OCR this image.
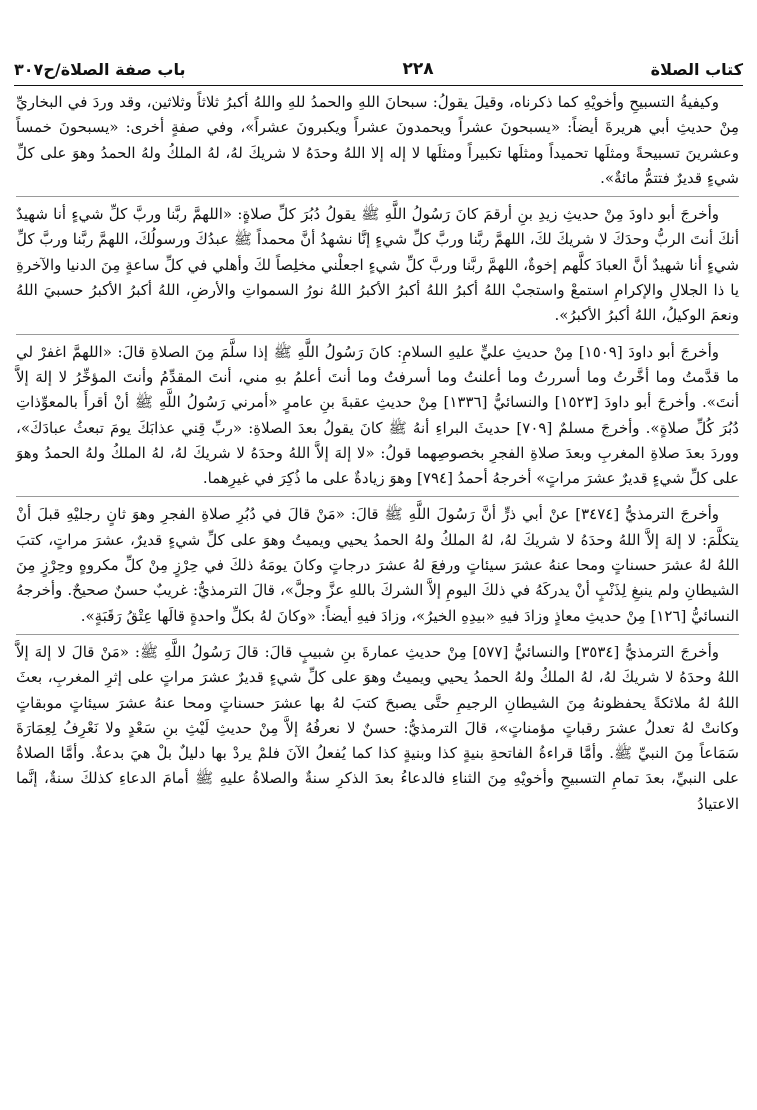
كتاب الصلاة
٢٢٨
باب صفة الصلاة/ح٣٠٧

وكيفيةُ التسبيحِ وأخويْهِ كما ذكرناه، وقيلَ يقولُ: سبحانَ اللهِ والحمدُ للهِ واللهُ أكبرُ ثلاثاً وثلاثين، وقد وردَ في البخاريِّ مِنْ حديثِ أبي هريرةَ أيضاً: «يسبحونَ عشراً ويحمدونَ عشراً ويكبرونَ عشراً»، وفي صفةٍ أخرى: «يسبحونَ خمساً وعشرينَ تسبيحةً ومثلَها تحميداً ومثلَها تكبيراً ومثلَها لا إله إلا اللهُ وحدَهُ لا شريكَ لهُ، لهُ الملكُ ولهُ الحمدُ وهوَ على كلِّ شيءٍ قديرٌ فتتمُّ مائةٌ».

وأخرجَ أبو داودَ مِنْ حديثِ زيدِ بنِ أرقمَ كانَ رَسُولُ اللَّهِ ﷺ يقولُ دُبُرَ كلِّ صلاةٍ: «اللهمَّ ربَّنا وربَّ كلِّ شيءٍ أنا شهيدٌ أنكَ أنتَ الربُّ وحدَكَ لا شريكَ لكَ، اللهمَّ ربَّنا وربَّ كلِّ شيءٍ إنَّا نشهدُ أنَّ محمداً ﷺ عبدُكَ ورسولُكَ، اللهمَّ ربَّنا وربَّ كلِّ شيءٍ أنا شهيدٌ أنَّ العبادَ كلَّهم إخوةٌ، اللهمَّ ربَّنا وربَّ كلِّ شيءٍ اجعلْني مخلِصاً لكَ وأهلي في كلِّ ساعةٍ مِنَ الدنيا والآخرةِ يا ذا الجلالِ والإكرامِ استمعْ واستجبْ اللهُ أكبرُ اللهُ أكبرُ الأكبرُ اللهُ نورُ السمواتِ والأرضِ، اللهُ أكبرُ الأكبرُ حسبيَ اللهُ ونعمَ الوكيلُ، اللهُ أكبرُ الأكبرُ».

وأخرجَ أبو داودَ [١٥٠٩] مِنْ حديثِ عليٍّ عليهِ السلامِ: كانَ رَسُولُ اللَّهِ ﷺ إذا سلَّمَ مِنَ الصلاةِ قالَ: «اللهمَّ اغفرْ لي ما قدَّمتُ وما أخَّرتُ وما أسررتُ وما أعلنتُ وما أسرفتُ وما أنتَ أعلمُ بهِ مني، أنتَ المقدِّمُ وأنتَ المؤخِّرُ لا إلهَ إلاَّ أنتَ». وأخرجَ أبو داودَ [١٥٢٣] والنسائيُّ [١٣٣٦] مِنْ حديثِ عقبةَ بنِ عامرٍ «أمرني رَسُولُ اللَّهِ ﷺ أنْ أقرأَ بالمعوِّذاتِ دُبُرَ كُلِّ صلاةٍ». وأخرجَ مسلمٌ [٧٠٩] حديثَ البراءِ أنهُ ﷺ كانَ يقولُ بعدَ الصلاةِ: «ربِّ قِني عذابَكَ يومَ تبعثُ عبادَكَ»، ووردَ بعدَ صلاةِ المغربِ وبعدَ صلاةِ الفجرِ بخصوصِهما قولُ: «لا إلهَ إلاَّ اللهُ وحدَهُ لا شريكَ لهُ، لهُ الملكُ ولهُ الحمدُ وهوَ على كلِّ شيءٍ قديرٌ عشرَ مراتٍ» أخرجهُ أحمدُ [٧٩٤] وهوَ زيادةٌ على ما ذُكِرَ في غيرِهما.

وأخرجَ الترمذيُّ [٣٤٧٤] عنْ أبي ذرٍّ أنَّ رَسُولَ اللَّهِ ﷺ قالَ: «مَنْ قالَ في دُبُرِ صلاةِ الفجرِ وهوَ ثانٍ رجليْهِ قبلَ أنْ يتكلَّمَ: لا إلهَ إلاَّ اللهُ وحدَهُ لا شريكَ لهُ، لهُ الملكُ ولهُ الحمدُ يحيي ويميتُ وهوَ على كلِّ شيءٍ قديرٌ، عشرَ مراتٍ، كتبَ اللهُ لهُ عشرَ حسناتٍ ومحا عنهُ عشرَ سيئاتٍ ورفعَ لهُ عشرَ درجاتٍ وكانَ يومَهُ ذلكَ في حِرْزٍ مِنْ كلِّ مكروهٍ وحِرْزٍ مِنَ الشيطانِ ولم ينبغِ لِذَنْبٍ أنْ يدركَهُ في ذلكَ اليومِ إلاَّ الشركَ باللهِ عزَّ وجلَّ»، قالَ الترمذيُّ: غريبٌ حسنٌ صحيحٌ. وأخرجهُ النسائيُّ [١٢٦] مِنْ حديثِ معاذٍ وزادَ فيهِ «بيدِهِ الخيرُ»، وزادَ فيهِ أيضاً: «وكانَ لهُ بكلِّ واحدةٍ قالَها عِتْقُ رَقَبَةٍ».

وأخرجَ الترمذيُّ [٣٥٣٤] والنسائيُّ [٥٧٧] مِنْ حديثِ عمارةَ بنِ شبيبٍ قالَ: قالَ رَسُولُ اللَّهِ ﷺ: «مَنْ قالَ لا إلهَ إلاَّ اللهُ وحدَهُ لا شريكَ لهُ، لهُ الملكُ ولهُ الحمدُ يحيي ويميتُ وهوَ على كلِّ شيءٍ قديرٌ عشرَ مراتٍ على إثرِ المغربِ، بعثَ اللهُ لهُ ملائكةً يحفظونهُ مِنَ الشيطانِ الرجيمِ حتَّى يصبحَ كتبَ لهُ بها عشرَ حسناتٍ ومحا عنهُ عشرَ سيئاتٍ موبقاتٍ وكانتْ لهُ تعدلُ عشرَ رقباتٍ مؤمناتٍ»، قالَ الترمذيُّ: حسنٌ لا نعرفُهُ إلاَّ مِنْ حديثِ لَيْثِ بنِ سَعْدٍ ولا نَعْرِفُ لِعِمَارَةَ سَمَاعاً مِنَ النبيِّ ﷺ. وأمَّا قراءةُ الفاتحةِ بنيةٍ كذا وبنيةٍ كذا كما يُفعلُ الآنَ فلمْ يردْ بها دليلٌ بلْ هيَ بدعةٌ. وأمَّا الصلاةُ على النبيِّ، بعدَ تمامِ التسبيحِ وأخويْهِ مِنَ الثناءِ فالدعاءُ بعدَ الذكرِ سنةٌ والصلاةُ عليهِ ﷺ أمامَ الدعاءِ كذلكَ سنةٌ، إنَّما الاعتيادُ
